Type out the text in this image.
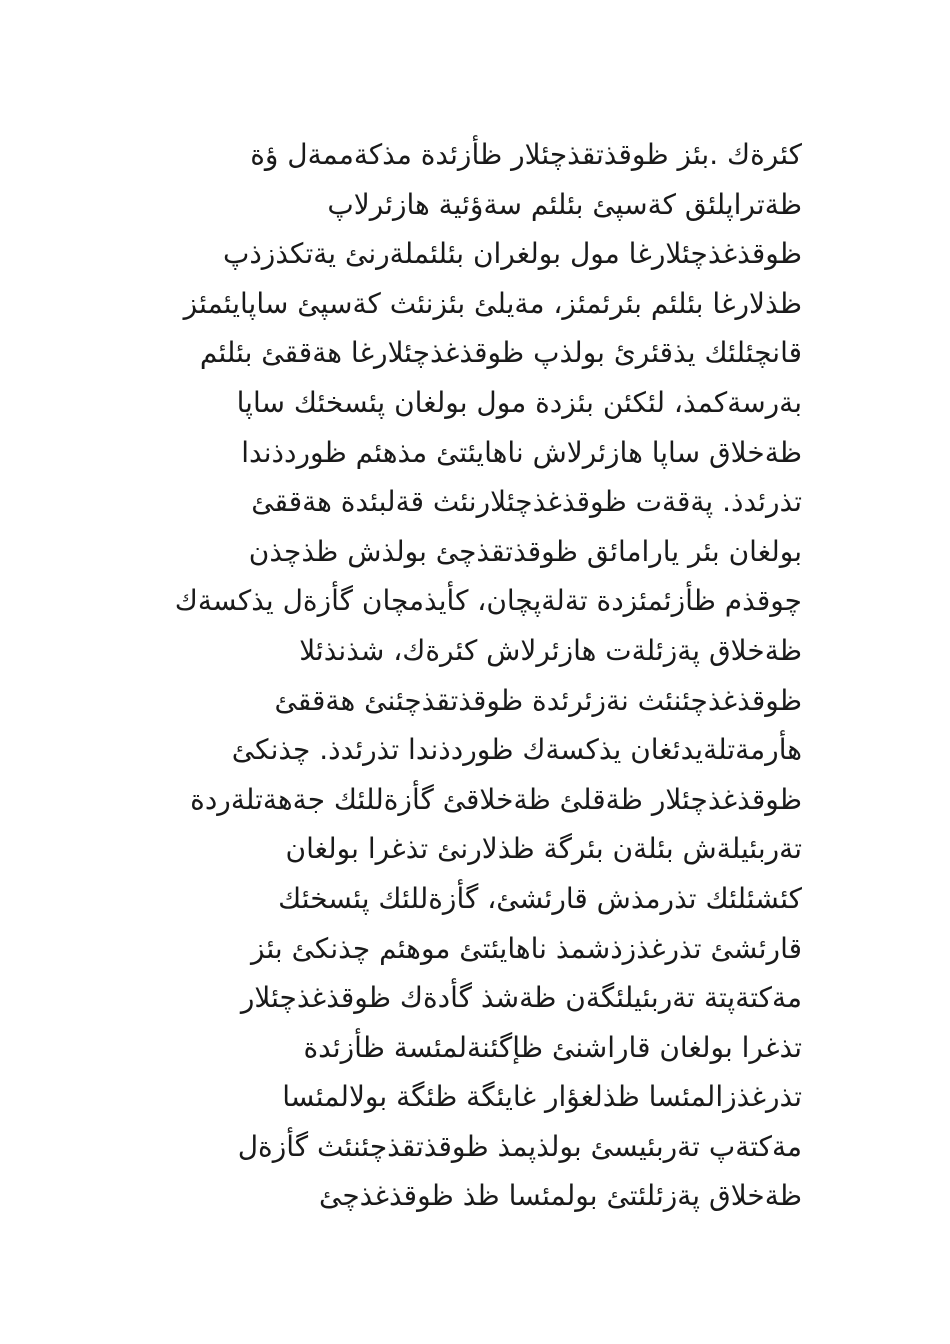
كئرةك .بئز ظوقذتقذچئلار ظأزئدة مذكةممةل ؤة
ظةتراپلئق كةسپئ بئلئم سةؤئية هازئرلاپ
ظوقذغذچئلارغا مول بولغران بئلئملةرنئ يةتكذزذپ
ظذلارغا بئلئم بئرئمئز، مةيلئ بئزنئث كةسپئ ساپايئمئز
قانچئلئك يذقئرئ بولذپ ظوقذغذچئلارغا هةققئ بئلئم
بةرسةكمذ، لئكئن بئزدة مول بولغان پئسخئك ساپا
ظةخلاق ساپا هازئرلاش ناهايئتئ مذهئم ظوردذندا
تذرئدذ. پةقةت ظوقذغذچئلارنئث قةلبئدة هةققئ
بولغان بئر يارامائق ظوقذتقذچئ بولذش ظذچذن
چوقذم ظأزئمئزدة تةلةپچان، كأيذمچان گأزةل يذكسةك
ظةخلاق پةزئلةت هازئرلاش كئرةك، شذنذئلا
ظوقذغذچئنئث نةزئرئدة ظوقذتقذچئنئ هةققئ
هأرمةتلةيدئغان يذكسةك ظوردذندا تذرئدذ. چذنكئ
ظوقذغذچئلار ظةقلئ ظةخلاقئ گأزةللئك جةهةتلةردة
تةربئيلةش بئلةن بئرگة ظذلارنئ تذغرا بولغان
كئشئلئك تذرمذش قارئشئ، گأزةللئك پئسخئك
قارئشئ تذرغذزذشمذ ناهايئتئ موهئم چذنكئ بئز
مةكتةپتة تةربئيلئگةن ظةشذ گأدةك ظوقذغذچئلار
تذغرا بولغان قاراشنئ ظإگئنةلمئسة ظأزئدة
تذرغذزالمئسا ظذلغؤار غايئگة ظئگة بولالمئسا
مةكتةپ تةربئيسئ بولذپمذ ظوقذتقذچئنئث گأزةل
ظةخلاق پةزئلئتئ بولمئسا ظذ ظوقذغذچئ
